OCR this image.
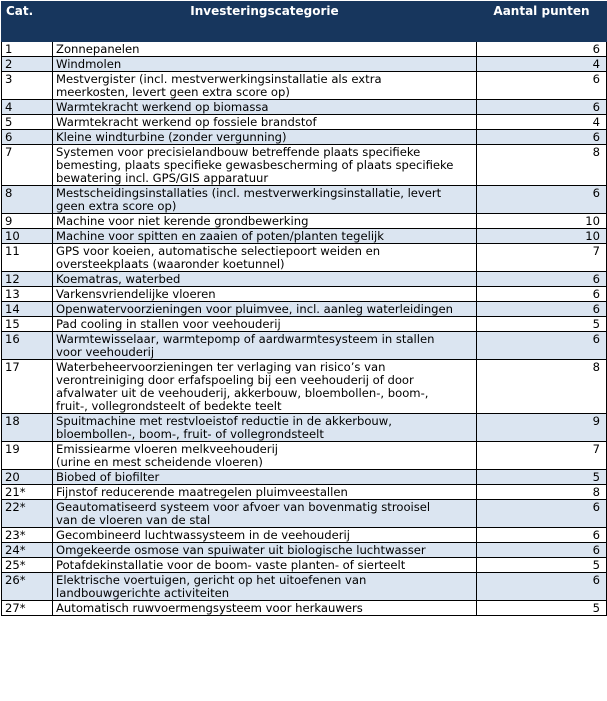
Cat.	Investeringscategorie	Aantal punten
1	Zonnepanelen	6
2	Windmolen	4
3	Mestvergister (incl. mestverwerkingsinstallatie als extra
meerkosten, levert geen extra score op)	6
4	Warmtekracht werkend op biomassa	6
5	Warmtekracht werkend op fossiele brandstof	4
6	Kleine windturbine (zonder vergunning)	6
7	Systemen voor precisielandbouw betreffende plaats specifieke
bemesting, plaats specifieke gewasbescherming of plaats specifieke
bewatering incl. GPS/GIS apparatuur	8
8	Mestscheidingsinstallaties (incl. mestverwerkingsinstallatie, levert
geen extra score op)	6
9	Machine voor niet kerende grondbewerking	10
10	Machine voor spitten en zaaien of poten/planten tegelijk	10
11	GPS voor koeien, automatische selectiepoort weiden en
oversteekplaats (waaronder koetunnel)	7
12	Koematras, waterbed	6
13	Varkensvriendelijke vloeren	6
14	Openwatervoorzieningen voor pluimvee, incl. aanleg waterleidingen	6
15	Pad cooling in stallen voor veehouderij	5
16	Warmtewisselaar, warmtepomp of aardwarmtesysteem in stallen
voor veehouderij	6
17	Waterbeheervoorzieningen ter verlaging van risico’s van
verontreiniging door erfafspoeling bij een veehouderij of door
afvalwater uit de veehouderij, akkerbouw, bloembollen-, boom-,
fruit-, vollegrondsteelt of bedekte teelt	8
18	Spuitmachine met restvloeistof reductie in de akkerbouw,
bloembollen-, boom-, fruit- of vollegrondsteelt	9
19	Emissiearme vloeren melkveehouderij
(urine en mest scheidende vloeren)	7
20	Biobed of biofilter	5
21*	Fijnstof reducerende maatregelen pluimveestallen	8
22*	Geautomatiseerd systeem voor afvoer van bovenmatig strooisel
van de vloeren van de stal	6
23*	Gecombineerd luchtwassysteem in de veehouderij	6
24*	Omgekeerde osmose van spuiwater uit biologische luchtwasser	6
25*	Potafdekinstallatie voor de boom- vaste planten- of sierteelt	5
26*	Elektrische voertuigen, gericht op het uitoefenen van
landbouwgerichte activiteiten	6
27*	Automatisch ruwvoermengsysteem voor herkauwers	5
